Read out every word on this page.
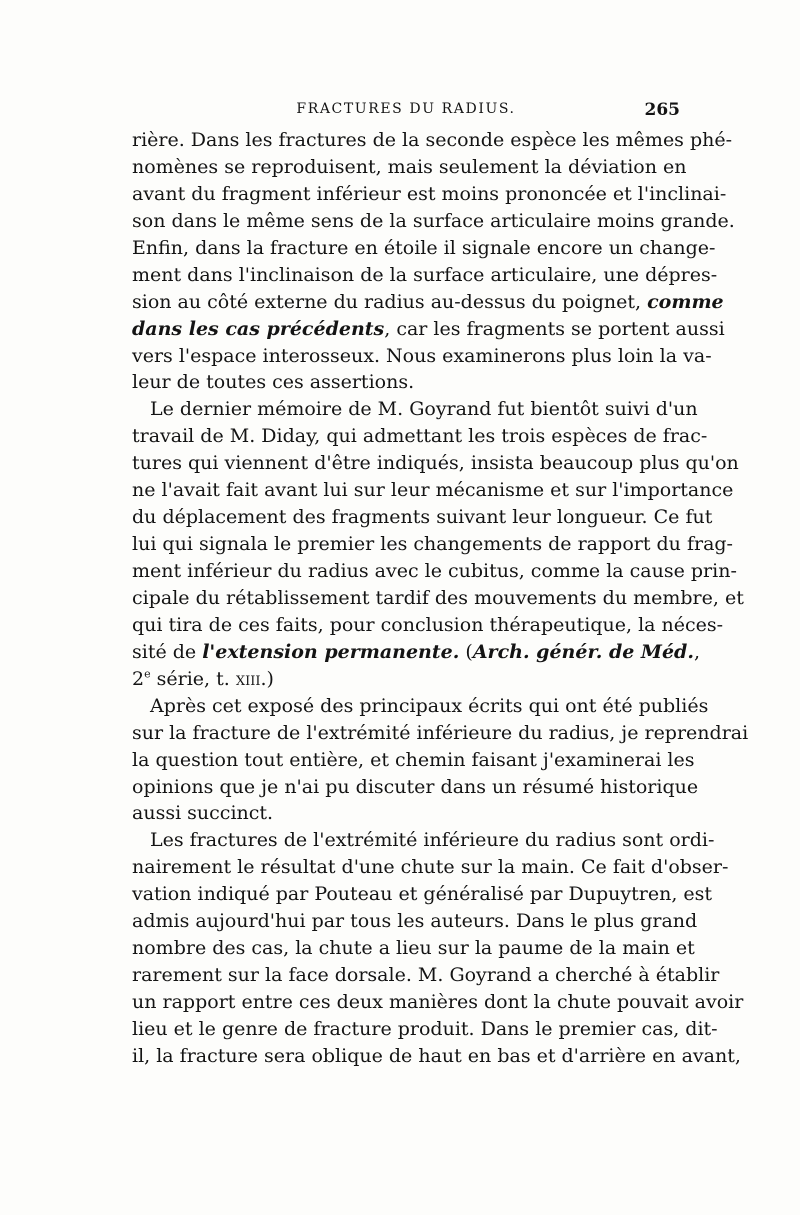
FRACTURES DU RADIUS.	265
rière. Dans les fractures de la seconde espèce les mêmes phé-
nomènes se reproduisent, mais seulement la déviation en
avant du fragment inférieur est moins prononcée et l'inclinai-
son dans le même sens de la surface articulaire moins grande.
Enfin, dans la fracture en étoile il signale encore un change-
ment dans l'inclinaison de la surface articulaire, une dépres-
sion au côté externe du radius au-dessus du poignet, comme
dans les cas précédents, car les fragments se portent aussi
vers l'espace interosseux. Nous examinerons plus loin la va-
leur de toutes ces assertions.
Le dernier mémoire de M. Goyrand fut bientôt suivi d'un
travail de M. Diday, qui admettant les trois espèces de frac-
tures qui viennent d'être indiqués, insista beaucoup plus qu'on
ne l'avait fait avant lui sur leur mécanisme et sur l'importance
du déplacement des fragments suivant leur longueur. Ce fut
lui qui signala le premier les changements de rapport du frag-
ment inférieur du radius avec le cubitus, comme la cause prin-
cipale du rétablissement tardif des mouvements du membre, et
qui tira de ces faits, pour conclusion thérapeutique, la néces-
sité de l'extension permanente. (Arch. génér. de Méd.,
2e série, t. xiii.)
Après cet exposé des principaux écrits qui ont été publiés
sur la fracture de l'extrémité inférieure du radius, je reprendrai
la question tout entière, et chemin faisant j'examinerai les
opinions que je n'ai pu discuter dans un résumé historique
aussi succinct.
Les fractures de l'extrémité inférieure du radius sont ordi-
nairement le résultat d'une chute sur la main. Ce fait d'obser-
vation indiqué par Pouteau et généralisé par Dupuytren, est
admis aujourd'hui par tous les auteurs. Dans le plus grand
nombre des cas, la chute a lieu sur la paume de la main et
rarement sur la face dorsale. M. Goyrand a cherché à établir
un rapport entre ces deux manières dont la chute pouvait avoir
lieu et le genre de fracture produit. Dans le premier cas, dit-
il, la fracture sera oblique de haut en bas et d'arrière en avant,
